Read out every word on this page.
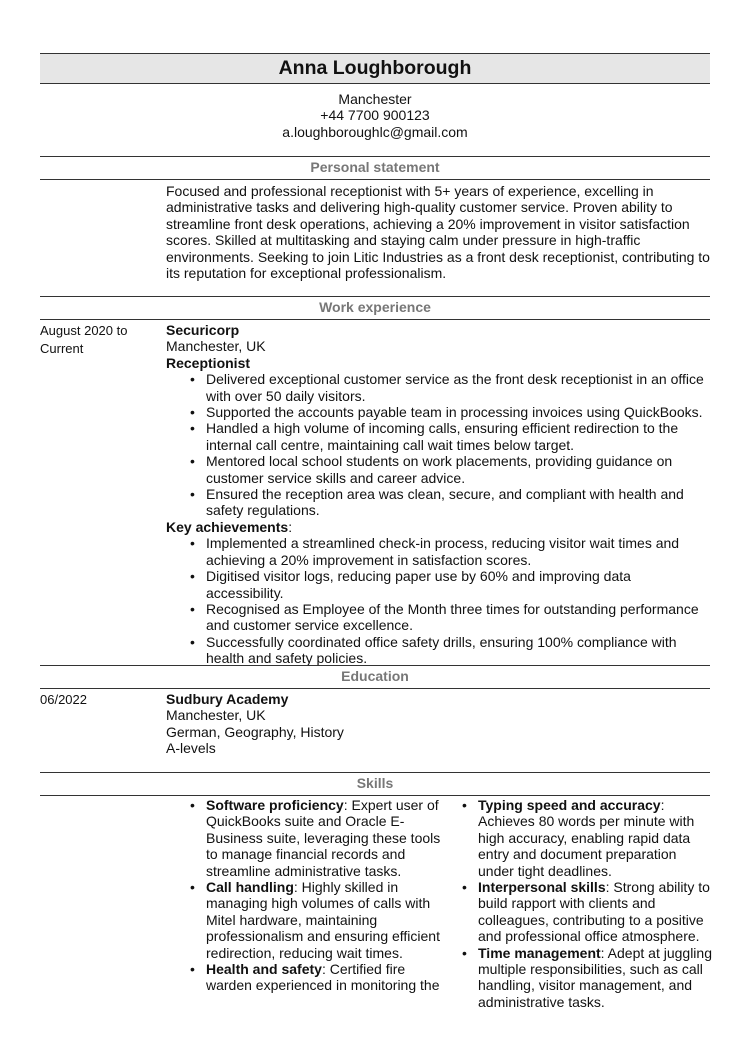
Anna Loughborough
Manchester
+44 7700 900123
a.loughboroughlc@gmail.com
Personal statement
Focused and professional receptionist with 5+ years of experience, excelling in administrative tasks and delivering high-quality customer service. Proven ability to streamline front desk operations, achieving a 20% improvement in visitor satisfaction scores. Skilled at multitasking and staying calm under pressure in high-traffic environments. Seeking to join Litic Industries as a front desk receptionist, contributing to its reputation for exceptional professionalism.
Work experience
August 2020 to
Current
Securicorp
Manchester, UK
Receptionist
• Delivered exceptional customer service as the front desk receptionist in an office with over 50 daily visitors.
• Supported the accounts payable team in processing invoices using QuickBooks.
• Handled a high volume of incoming calls, ensuring efficient redirection to the internal call centre, maintaining call wait times below target.
• Mentored local school students on work placements, providing guidance on customer service skills and career advice.
• Ensured the reception area was clean, secure, and compliant with health and safety regulations.
Key achievements:
• Implemented a streamlined check-in process, reducing visitor wait times and achieving a 20% improvement in satisfaction scores.
• Digitised visitor logs, reducing paper use by 60% and improving data accessibility.
• Recognised as Employee of the Month three times for outstanding performance and customer service excellence.
• Successfully coordinated office safety drills, ensuring 100% compliance with health and safety policies.
Education
06/2022	Sudbury Academy
Manchester, UK
German, Geography, History
A-levels
Skills
• Software proficiency: Expert user of QuickBooks suite and Oracle E-Business suite, leveraging these tools to manage financial records and streamline administrative tasks.
• Call handling: Highly skilled in managing high volumes of calls with Mitel hardware, maintaining professionalism and ensuring efficient redirection, reducing wait times.
• Health and safety: Certified fire warden experienced in monitoring the
• Typing speed and accuracy: Achieves 80 words per minute with high accuracy, enabling rapid data entry and document preparation under tight deadlines.
• Interpersonal skills: Strong ability to build rapport with clients and colleagues, contributing to a positive and professional office atmosphere.
• Time management: Adept at juggling multiple responsibilities, such as call handling, visitor management, and administrative tasks.
